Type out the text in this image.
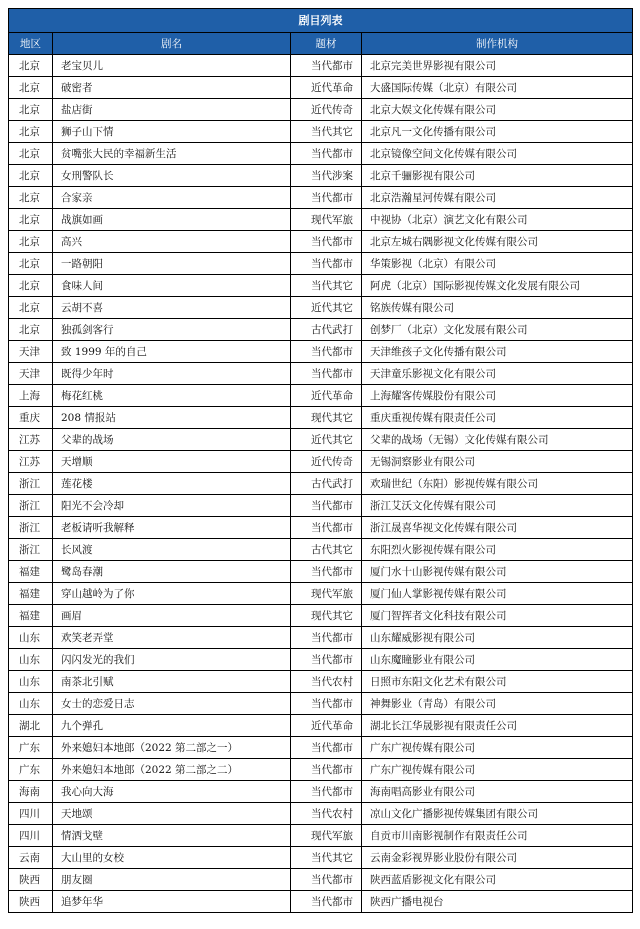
剧目列表			
地区	剧名	题材	制作机构
北京	老宝贝儿	当代都市	北京完美世界影视有限公司
北京	破密者	近代革命	大盛国际传媒（北京）有限公司
北京	盐店街	近代传奇	北京大娱文化传媒有限公司
北京	狮子山下情	当代其它	北京凡一文化传播有限公司
北京	贫嘴张大民的幸福新生活	当代都市	北京镜像空间文化传媒有限公司
北京	女刑警队长	当代涉案	北京千骊影视有限公司
北京	合家亲	当代都市	北京浩瀚星河传媒有限公司
北京	战旗如画	现代军旅	中视协（北京）演艺文化有限公司
北京	高兴	当代都市	北京左城右隅影视文化传媒有限公司
北京	一路朝阳	当代都市	华策影视（北京）有限公司
北京	食味人间	当代其它	阿虎（北京）国际影视传媒文化发展有限公司
北京	云胡不喜	近代其它	铭族传媒有限公司
北京	独孤剑客行	古代武打	创梦厂（北京）文化发展有限公司
天津	致 1999 年的自己	当代都市	天津维孩子文化传播有限公司
天津	既得少年时	当代都市	天津童乐影视文化有限公司
上海	梅花红桃	近代革命	上海耀客传媒股份有限公司
重庆	208 情报站	现代其它	重庆重视传媒有限责任公司
江苏	父辈的战场	近代其它	父辈的战场（无锡）文化传媒有限公司
江苏	天增顺	近代传奇	无锡洞察影业有限公司
浙江	莲花楼	古代武打	欢瑞世纪（东阳）影视传媒有限公司
浙江	阳光不会冷却	当代都市	浙江艾沃文化传媒有限公司
浙江	老板请听我解释	当代都市	浙江晟喜华视文化传媒有限公司
浙江	长风渡	古代其它	东阳烈火影视传媒有限公司
福建	鹭岛春潮	当代都市	厦门水十山影视传媒有限公司
福建	穿山越岭为了你	现代军旅	厦门仙人掌影视传媒有限公司
福建	画眉	现代其它	厦门智挥者文化科技有限公司
山东	欢笑老弄堂	当代都市	山东耀威影视有限公司
山东	闪闪发光的我们	当代都市	山东魔瞳影业有限公司
山东	南茶北引赋	当代农村	日照市东阳文化艺术有限公司
山东	女士的恋爱日志	当代都市	神舞影业（青岛）有限公司
湖北	九个弹孔	近代革命	湖北长江华晟影视有限责任公司
广东	外来媳妇本地郎（2022 第二部之一）	当代都市	广东广视传媒有限公司
广东	外来媳妇本地郎（2022 第二部之二）	当代都市	广东广视传媒有限公司
海南	我心向大海	当代都市	海南唱高影业有限公司
四川	天地颂	当代农村	凉山文化广播影视传媒集团有限公司
四川	情洒戈壁	现代军旅	自贡市川南影视制作有限责任公司
云南	大山里的女校	当代其它	云南金彩视界影业股份有限公司
陕西	朋友圈	当代都市	陕西蓝盾影视文化有限公司
陕西	追梦年华	当代都市	陕西广播电视台
